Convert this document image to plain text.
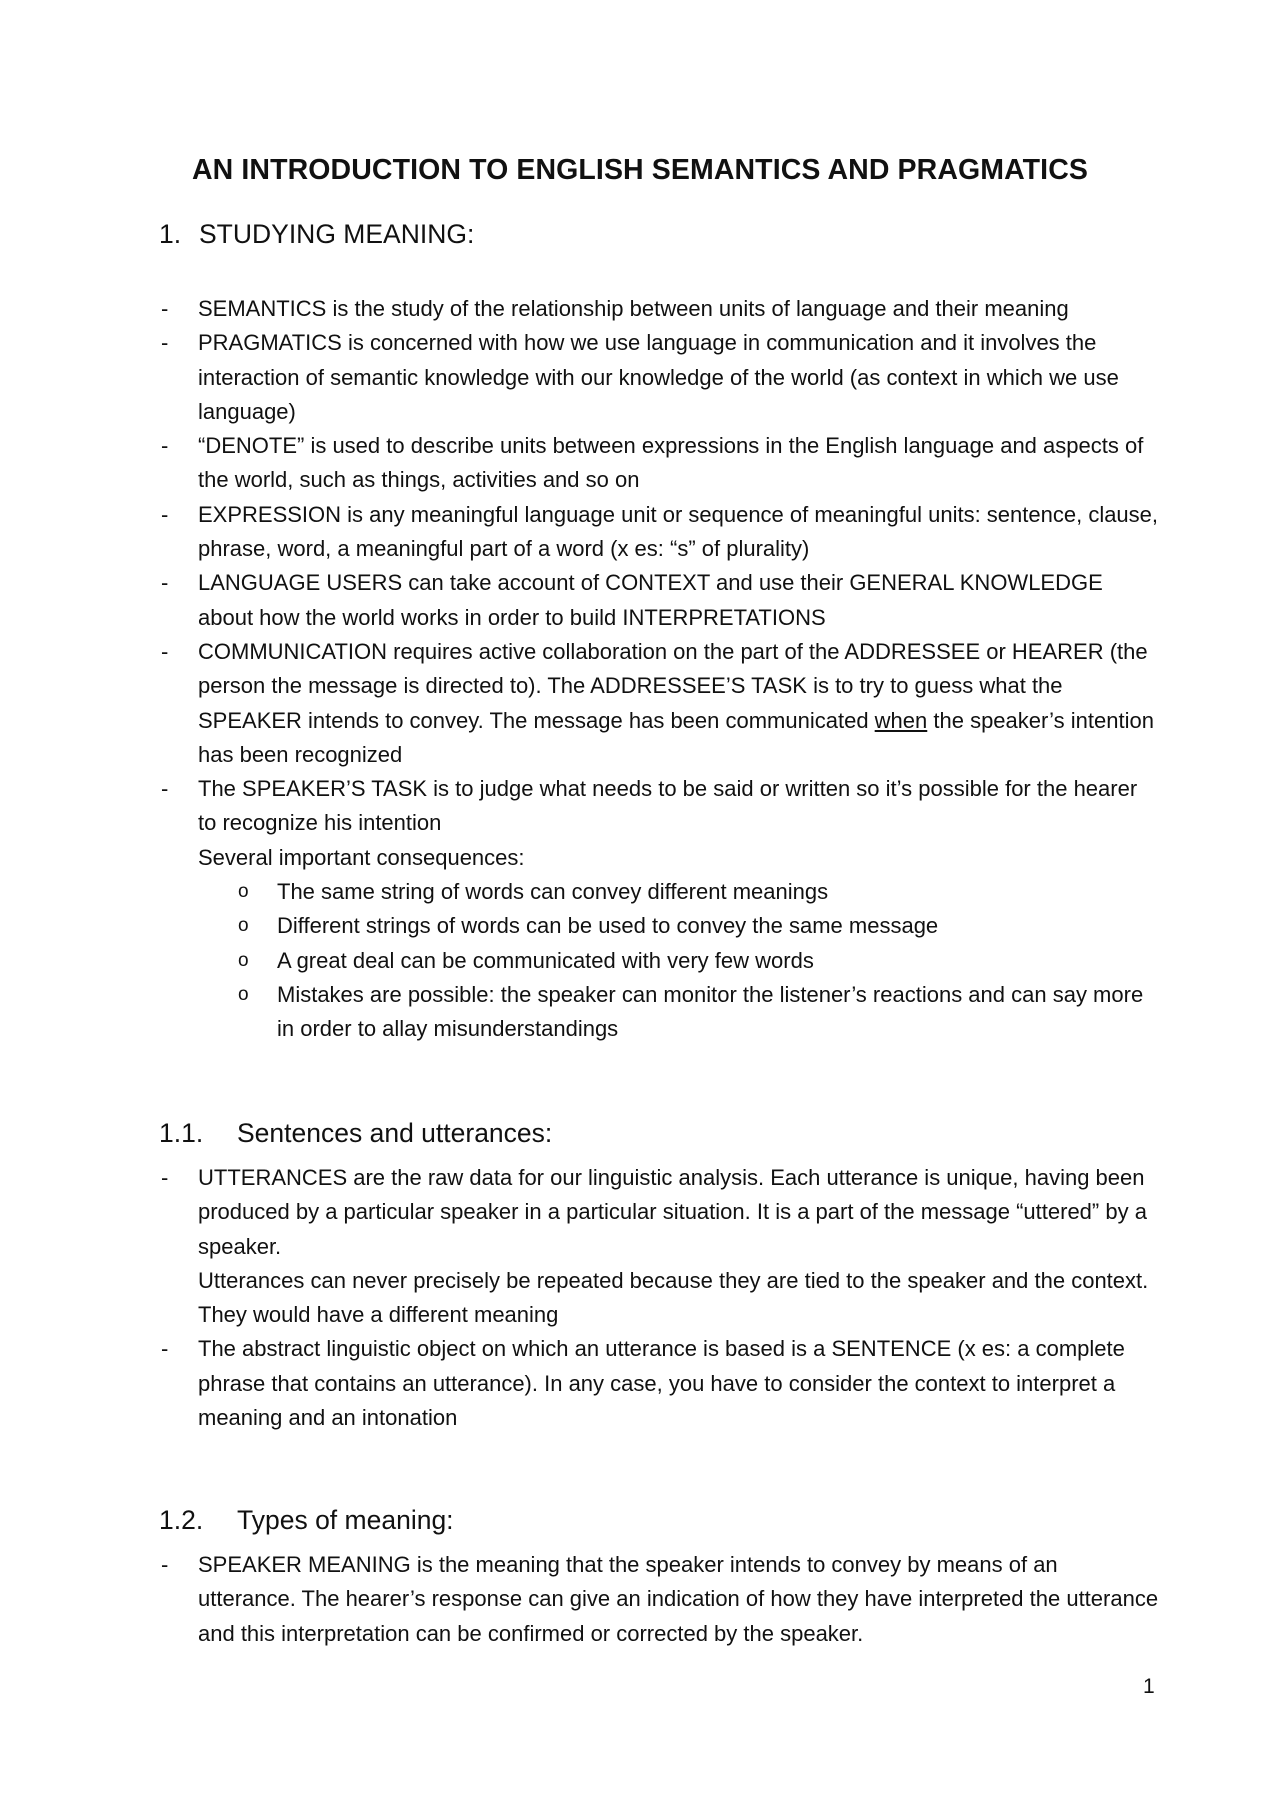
AN INTRODUCTION TO ENGLISH SEMANTICS AND PRAGMATICS
1. STUDYING MEANING:
- SEMANTICS is the study of the relationship between units of language and their meaning
- PRAGMATICS is concerned with how we use language in communication and it involves the interaction of semantic knowledge with our knowledge of the world (as context in which we use language)
- “DENOTE” is used to describe units between expressions in the English language and aspects of the world, such as things, activities and so on
- EXPRESSION is any meaningful language unit or sequence of meaningful units: sentence, clause, phrase, word, a meaningful part of a word (x es: “s” of plurality)
- LANGUAGE USERS can take account of CONTEXT and use their GENERAL KNOWLEDGE about how the world works in order to build INTERPRETATIONS
- COMMUNICATION requires active collaboration on the part of the ADDRESSEE or HEARER (the person the message is directed to). The ADDRESSEE’S TASK is to try to guess what the SPEAKER intends to convey. The message has been communicated when the speaker’s intention has been recognized
- The SPEAKER’S TASK is to judge what needs to be said or written so it’s possible for the hearer to recognize his intention
Several important consequences:
o The same string of words can convey different meanings
o Different strings of words can be used to convey the same message
o A great deal can be communicated with very few words
o Mistakes are possible: the speaker can monitor the listener’s reactions and can say more in order to allay misunderstandings
1.1. Sentences and utterances:
- UTTERANCES are the raw data for our linguistic analysis. Each utterance is unique, having been produced by a particular speaker in a particular situation. It is a part of the message “uttered” by a speaker.
Utterances can never precisely be repeated because they are tied to the speaker and the context. They would have a different meaning
- The abstract linguistic object on which an utterance is based is a SENTENCE (x es: a complete phrase that contains an utterance). In any case, you have to consider the context to interpret a meaning and an intonation
1.2. Types of meaning:
- SPEAKER MEANING is the meaning that the speaker intends to convey by means of an utterance. The hearer’s response can give an indication of how they have interpreted the utterance and this interpretation can be confirmed or corrected by the speaker.
1
